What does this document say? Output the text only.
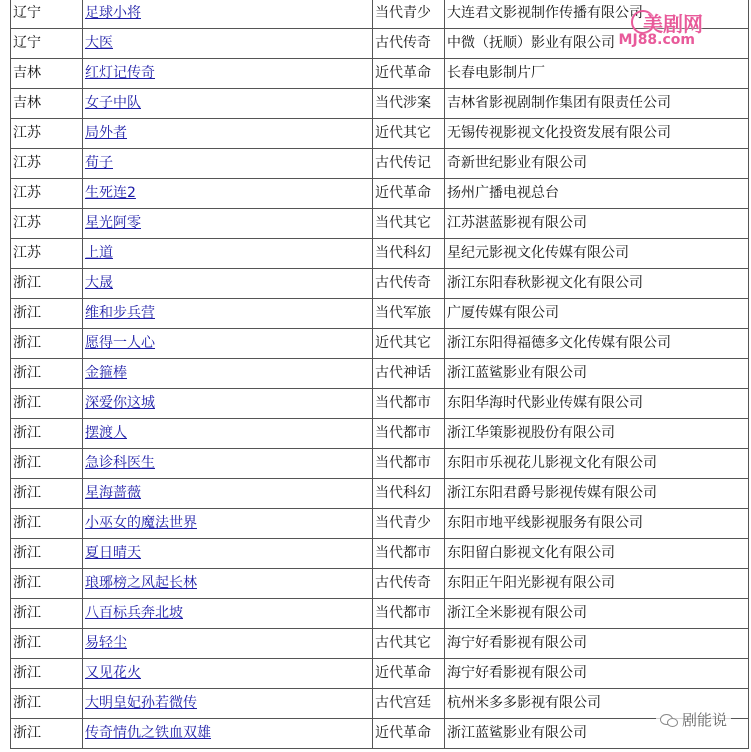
辽宁	足球小将	当代青少	大连君文影视制作传播有限公司
辽宁	大医	古代传奇	中微（抚顺）影业有限公司
吉林	红灯记传奇	近代革命	长春电影制片厂
吉林	女子中队	当代涉案	吉林省影视剧制作集团有限责任公司
江苏	局外者	近代其它	无锡传视影视文化投资发展有限公司
江苏	荀子	古代传记	奇新世纪影业有限公司
江苏	生死连2	近代革命	扬州广播电视总台
江苏	星光阿零	当代其它	江苏湛蓝影视有限公司
江苏	上道	当代科幻	星纪元影视文化传媒有限公司
浙江	大晟	古代传奇	浙江东阳春秋影视文化有限公司
浙江	维和步兵营	当代军旅	广厦传媒有限公司
浙江	愿得一人心	近代其它	浙江东阳得福德多文化传媒有限公司
浙江	金箍棒	古代神话	浙江蓝鲨影业有限公司
浙江	深爱你这城	当代都市	东阳华海时代影业传媒有限公司
浙江	摆渡人	当代都市	浙江华策影视股份有限公司
浙江	急诊科医生	当代都市	东阳市乐视花儿影视文化有限公司
浙江	星海蔷薇	当代科幻	浙江东阳君爵号影视传媒有限公司
浙江	小巫女的魔法世界	当代青少	东阳市地平线影视服务有限公司
浙江	夏日晴天	当代都市	东阳留白影视文化有限公司
浙江	琅琊榜之风起长林	古代传奇	东阳正午阳光影视有限公司
浙江	八百标兵奔北坡	当代都市	浙江全米影视有限公司
浙江	易轻尘	古代其它	海宁好看影视有限公司
浙江	又见花火	近代革命	海宁好看影视有限公司
浙江	大明皇妃孙若微传	古代宫廷	杭州米多多影视有限公司
浙江	传奇情仇之铁血双雄	近代革命	浙江蓝鲨影业有限公司
美剧网
MJ88.com
剧能说
